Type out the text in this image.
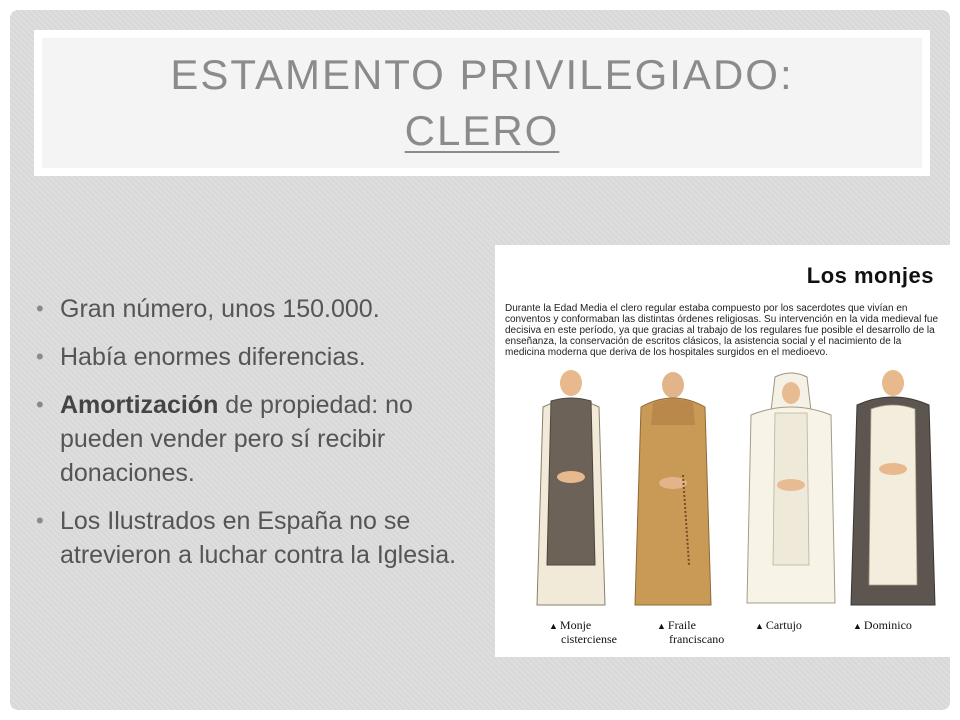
ESTAMENTO PRIVILEGIADO:
CLERO
• Gran número, unos 150.000.
• Había enormes diferencias.
• Amortización de propiedad: no pueden vender pero sí recibir donaciones.
• Los Ilustrados en España no se atrevieron a luchar contra la Iglesia.
Los monjes
Durante la Edad Media el clero regular estaba compuesto por los sacerdotes que vivían en conventos y conformaban las distintas órdenes religiosas. Su intervención en la vida medieval fue decisiva en este período, ya que gracias al trabajo de los regulares fue posible el desarrollo de la enseñanza, la conservación de escritos clásicos, la asistencia social y el nacimiento de la medicina moderna que deriva de los hospitales surgidos en el medioevo.
▲ Monje
cisterciense
▲ Fraile
franciscano
▲ Cartujo	▲ Dominico
